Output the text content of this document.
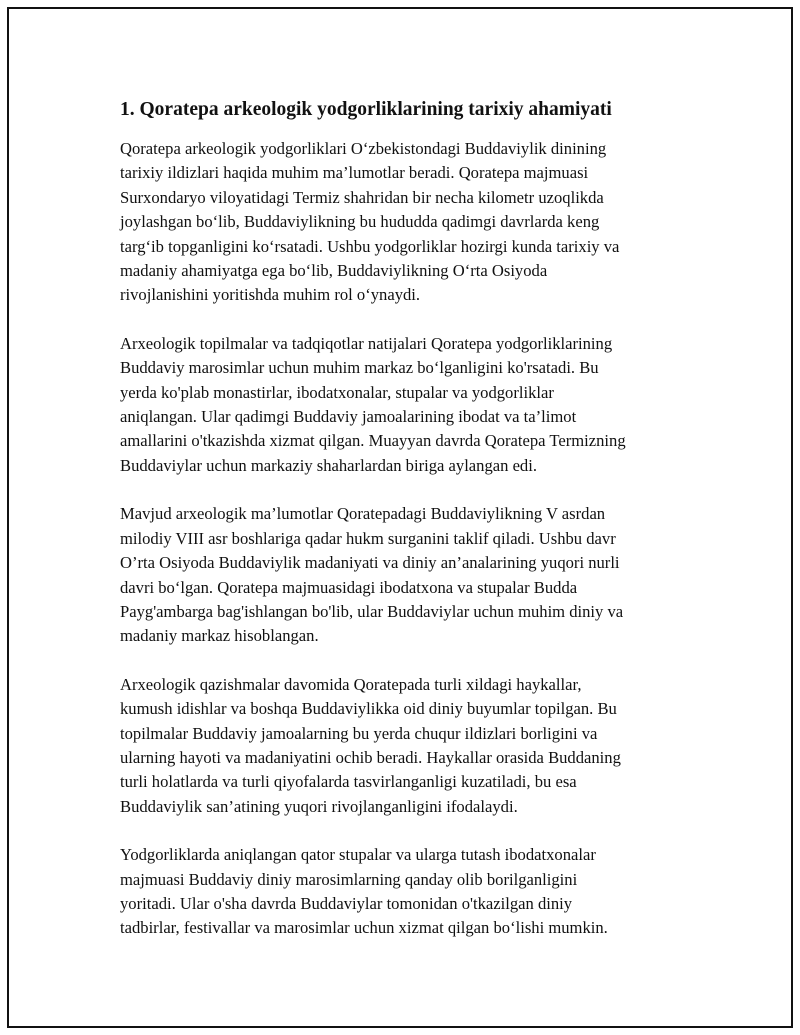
1. Qoratepa arkeologik yodgorliklarining tarixiy ahamiyati

Qoratepa arkeologik yodgorliklari O‘zbekistondagi Buddaviylik dinining
tarixiy ildizlari haqida muhim ma’lumotlar beradi. Qoratepa majmuasi
Surxondaryo viloyatidagi Termiz shahridan bir necha kilometr uzoqlikda
joylashgan bo‘lib, Buddaviylikning bu hududda qadimgi davrlarda keng
targ‘ib topganligini ko‘rsatadi. Ushbu yodgorliklar hozirgi kunda tarixiy va
madaniy ahamiyatga ega bo‘lib, Buddaviylikning O‘rta Osiyoda
rivojlanishini yoritishda muhim rol o‘ynaydi.

Arxeologik topilmalar va tadqiqotlar natijalari Qoratepa yodgorliklarining
Buddaviy marosimlar uchun muhim markaz bo‘lganligini ko'rsatadi. Bu
yerda ko'plab monastirlar, ibodatxonalar, stupalar va yodgorliklar
aniqlangan. Ular qadimgi Buddaviy jamoalarining ibodat va ta’limot
amallarini o'tkazishda xizmat qilgan. Muayyan davrda Qoratepa Termizning
Buddaviylar uchun markaziy shaharlardan biriga aylangan edi.

Mavjud arxeologik ma’lumotlar Qoratepadagi Buddaviylikning V asrdan
milodiy VIII asr boshlariga qadar hukm surganini taklif qiladi. Ushbu davr
O’rta Osiyoda Buddaviylik madaniyati va diniy an’analarining yuqori nurli
davri bo‘lgan. Qoratepa majmuasidagi ibodatxona va stupalar Budda
Payg'ambarga bag'ishlangan bo'lib, ular Buddaviylar uchun muhim diniy va
madaniy markaz hisoblangan.

Arxeologik qazishmalar davomida Qoratepada turli xildagi haykallar,
kumush idishlar va boshqa Buddaviylikka oid diniy buyumlar topilgan. Bu
topilmalar Buddaviy jamoalarning bu yerda chuqur ildizlari borligini va
ularning hayoti va madaniyatini ochib beradi. Haykallar orasida Buddaning
turli holatlarda va turli qiyofalarda tasvirlanganligi kuzatiladi, bu esa
Buddaviylik san’atining yuqori rivojlanganligini ifodalaydi.

Yodgorliklarda aniqlangan qator stupalar va ularga tutash ibodatxonalar
majmuasi Buddaviy diniy marosimlarning qanday olib borilganligini
yoritadi. Ular o'sha davrda Buddaviylar tomonidan o'tkazilgan diniy
tadbirlar, festivallar va marosimlar uchun xizmat qilgan bo‘lishi mumkin.
